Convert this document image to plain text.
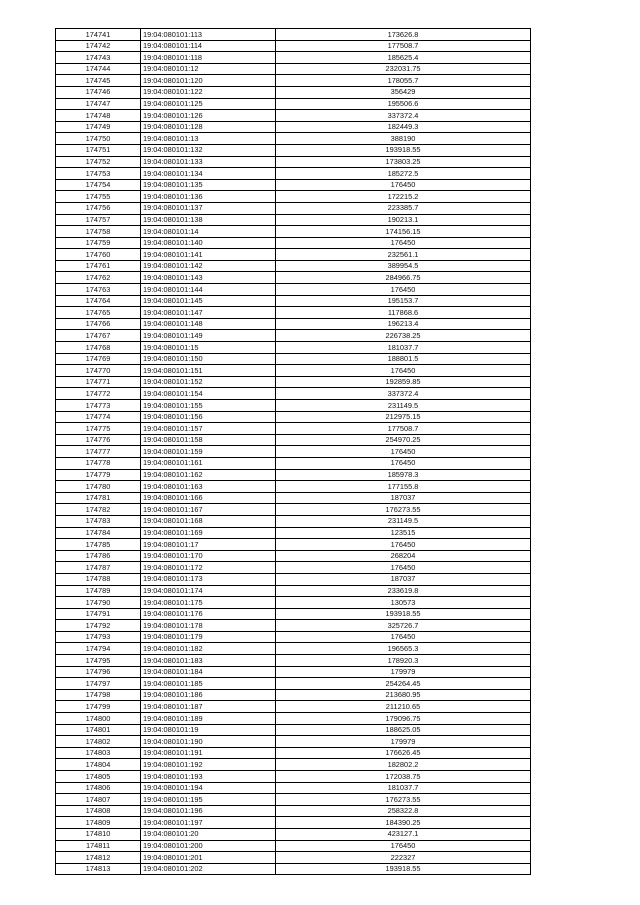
174741	19:04:080101:113	173626.8
174742	19:04:080101:114	177508.7
174743	19:04:080101:118	185625.4
174744	19:04:080101:12	232031.75
174745	19:04:080101:120	178055.7
174746	19:04:080101:122	356429
174747	19:04:080101:125	195506.6
174748	19:04:080101:126	337372.4
174749	19:04:080101:128	182449.3
174750	19:04:080101:13	388190
174751	19:04:080101:132	193918.55
174752	19:04:080101:133	173803.25
174753	19:04:080101:134	185272.5
174754	19:04:080101:135	176450
174755	19:04:080101:136	172215.2
174756	19:04:080101:137	223385.7
174757	19:04:080101:138	190213.1
174758	19:04:080101:14	174156.15
174759	19:04:080101:140	176450
174760	19:04:080101:141	232561.1
174761	19:04:080101:142	389954.5
174762	19:04:080101:143	284966.75
174763	19:04:080101:144	176450
174764	19:04:080101:145	195153.7
174765	19:04:080101:147	117868.6
174766	19:04:080101:148	196213.4
174767	19:04:080101:149	226738.25
174768	19:04:080101:15	181037.7
174769	19:04:080101:150	188801.5
174770	19:04:080101:151	176450
174771	19:04:080101:152	192859.85
174772	19:04:080101:154	337372.4
174773	19:04:080101:155	231149.5
174774	19:04:080101:156	212975.15
174775	19:04:080101:157	177508.7
174776	19:04:080101:158	254970.25
174777	19:04:080101:159	176450
174778	19:04:080101:161	176450
174779	19:04:080101:162	185978.3
174780	19:04:080101:163	177155.8
174781	19:04:080101:166	187037
174782	19:04:080101:167	176273.55
174783	19:04:080101:168	231149.5
174784	19:04:080101:169	123515
174785	19:04:080101:17	176450
174786	19:04:080101:170	268204
174787	19:04:080101:172	176450
174788	19:04:080101:173	187037
174789	19:04:080101:174	233619.8
174790	19:04:080101:175	130573
174791	19:04:080101:176	193918.55
174792	19:04:080101:178	325726.7
174793	19:04:080101:179	176450
174794	19:04:080101:182	196565.3
174795	19:04:080101:183	178920.3
174796	19:04:080101:184	179979
174797	19:04:080101:185	254264.45
174798	19:04:080101:186	213680.95
174799	19:04:080101:187	211210.65
174800	19:04:080101:189	179096.75
174801	19:04:080101:19	188625.05
174802	19:04:080101:190	179979
174803	19:04:080101:191	176626.45
174804	19:04:080101:192	182802.2
174805	19:04:080101:193	172038.75
174806	19:04:080101:194	181037.7
174807	19:04:080101:195	176273.55
174808	19:04:080101:196	258322.8
174809	19:04:080101:197	184390.25
174810	19:04:080101:20	423127.1
174811	19:04:080101:200	176450
174812	19:04:080101:201	222327
174813	19:04:080101:202	193918.55
